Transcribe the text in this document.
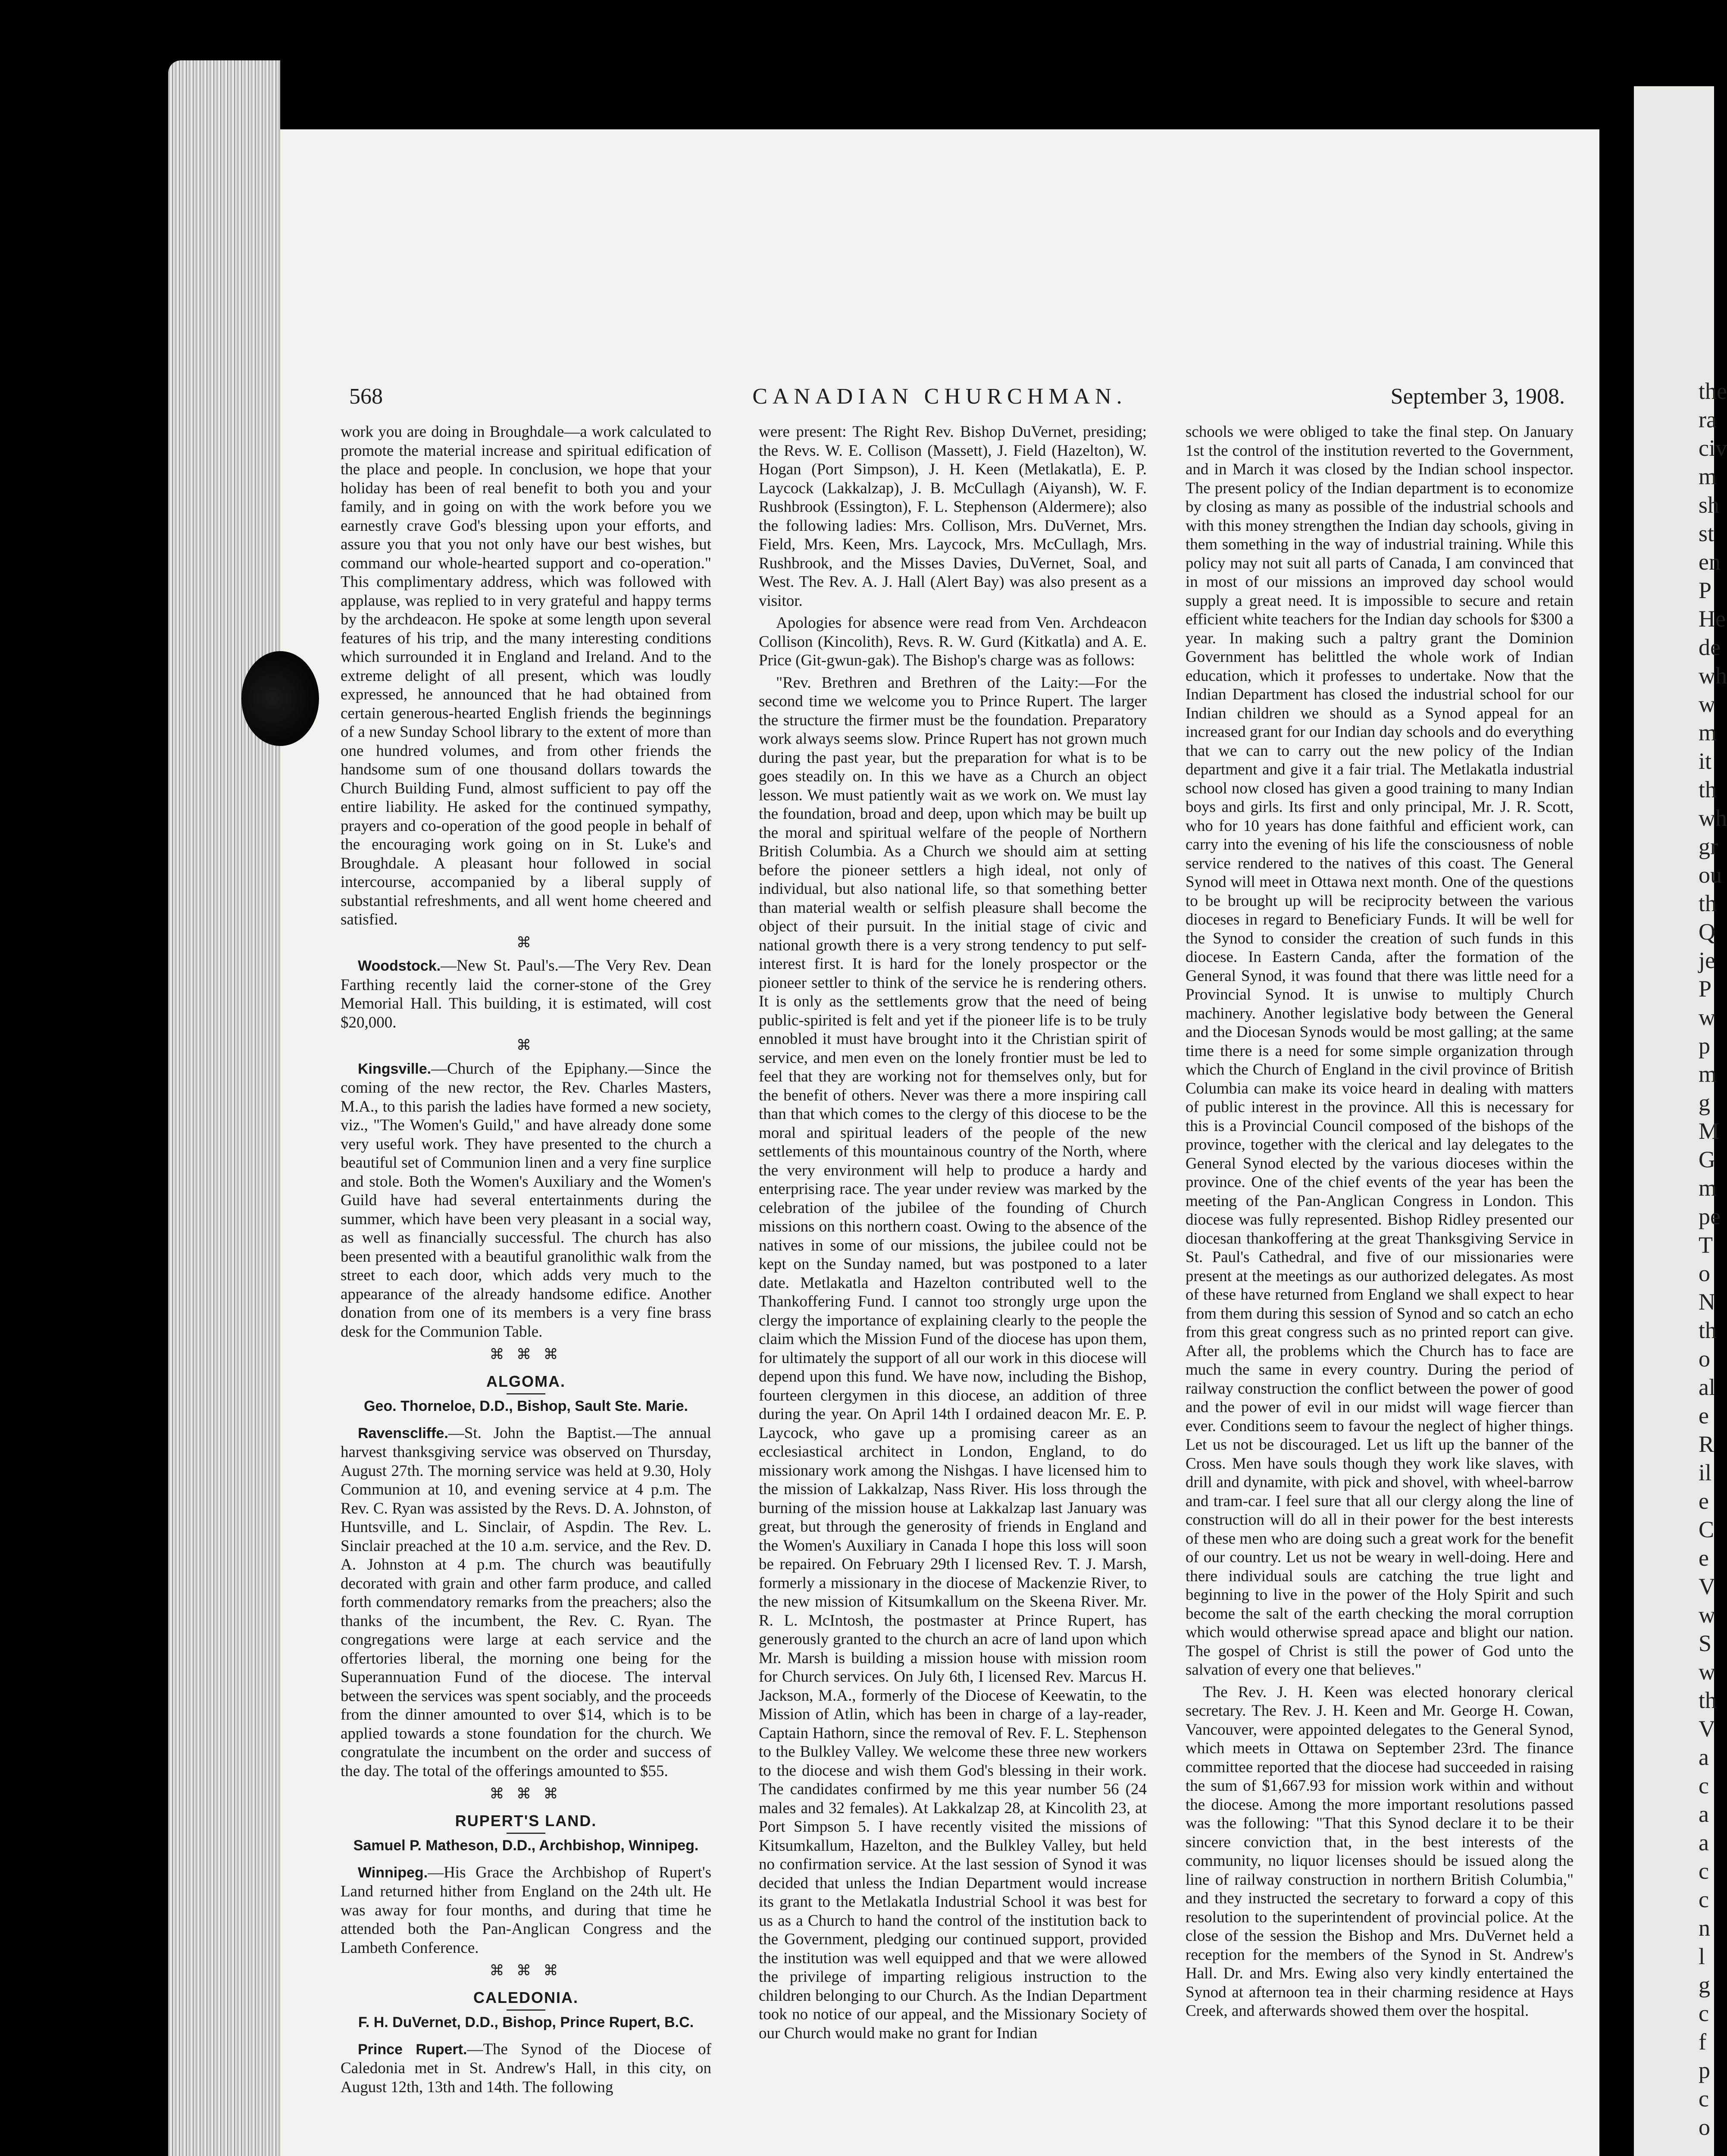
the
ra
civ
m
sh
st
en
P
He
de
wh
w
m
it
th
wh
gr
ou
th
Q
je
P
w
p
m
g
M
G
m
pe
T
o
N
th
o
al
e
R
il
e
C
e
V
w
S
w
th
V
a
c
a
a
c
c
n
l
g
c
f
p
c
o
568	CANADIAN CHURCHMAN.	September 3, 1908.

work you are doing in Broughdale—a work calculated to promote the material increase and spiritual edification of the place and people. In conclusion, we hope that your holiday has been of real benefit to both you and your family, and in going on with the work before you we earnestly crave God's blessing upon your efforts, and assure you that you not only have our best wishes, but command our whole-hearted support and co-operation." This complimentary address, which was followed with applause, was replied to in very grateful and happy terms by the archdeacon. He spoke at some length upon several features of his trip, and the many interesting conditions which surrounded it in England and Ireland. And to the extreme delight of all present, which was loudly expressed, he announced that he had obtained from certain generous-hearted English friends the beginnings of a new Sunday School library to the extent of more than one hundred volumes, and from other friends the handsome sum of one thousand dollars towards the Church Building Fund, almost sufficient to pay off the entire liability. He asked for the continued sympathy, prayers and co-operation of the good people in behalf of the encouraging work going on in St. Luke's and Broughdale. A pleasant hour followed in social intercourse, accompanied by a liberal supply of substantial refreshments, and all went home cheered and satisfied.

⌘

Woodstock.—New St. Paul's.—The Very Rev. Dean Farthing recently laid the corner-stone of the Grey Memorial Hall. This building, it is estimated, will cost $20,000.

⌘

Kingsville.—Church of the Epiphany.—Since the coming of the new rector, the Rev. Charles Masters, M.A., to this parish the ladies have formed a new society, viz., "The Women's Guild," and have already done some very useful work. They have presented to the church a beautiful set of Communion linen and a very fine surplice and stole. Both the Women's Auxiliary and the Women's Guild have had several entertainments during the summer, which have been very pleasant in a social way, as well as financially successful. The church has also been presented with a beautiful granolithic walk from the street to each door, which adds very much to the appearance of the already handsome edifice. Another donation from one of its members is a very fine brass desk for the Communion Table.

⌘ ⌘ ⌘
ALGOMA.
Geo. Thorneloe, D.D., Bishop, Sault Ste. Marie.

Ravenscliffe.—St. John the Baptist.—The annual harvest thanksgiving service was observed on Thursday, August 27th. The morning service was held at 9.30, Holy Communion at 10, and evening service at 4 p.m. The Rev. C. Ryan was assisted by the Revs. D. A. Johnston, of Huntsville, and L. Sinclair, of Aspdin. The Rev. L. Sinclair preached at the 10 a.m. service, and the Rev. D. A. Johnston at 4 p.m. The church was beautifully decorated with grain and other farm produce, and called forth commendatory remarks from the preachers; also the thanks of the incumbent, the Rev. C. Ryan. The congregations were large at each service and the offertories liberal, the morning one being for the Superannuation Fund of the diocese. The interval between the services was spent sociably, and the proceeds from the dinner amounted to over $14, which is to be applied towards a stone foundation for the church. We congratulate the incumbent on the order and success of the day. The total of the offerings amounted to $55.

⌘ ⌘ ⌘
RUPERT'S LAND.
Samuel P. Matheson, D.D., Archbishop, Winnipeg.

Winnipeg.—His Grace the Archbishop of Rupert's Land returned hither from England on the 24th ult. He was away for four months, and during that time he attended both the Pan-Anglican Congress and the Lambeth Conference.

⌘ ⌘ ⌘
CALEDONIA.
F. H. DuVernet, D.D., Bishop, Prince Rupert, B.C.

Prince Rupert.—The Synod of the Diocese of Caledonia met in St. Andrew's Hall, in this city, on August 12th, 13th and 14th. The following

were present: The Right Rev. Bishop DuVernet, presiding; the Revs. W. E. Collison (Massett), J. Field (Hazelton), W. Hogan (Port Simpson), J. H. Keen (Metlakatla), E. P. Laycock (Lakkalzap), J. B. McCullagh (Aiyansh), W. F. Rushbrook (Essington), F. L. Stephenson (Aldermere); also the following ladies: Mrs. Collison, Mrs. DuVernet, Mrs. Field, Mrs. Keen, Mrs. Laycock, Mrs. McCullagh, Mrs. Rushbrook, and the Misses Davies, DuVernet, Soal, and West. The Rev. A. J. Hall (Alert Bay) was also present as a visitor.

Apologies for absence were read from Ven. Archdeacon Collison (Kincolith), Revs. R. W. Gurd (Kitkatla) and A. E. Price (Git-gwun-gak). The Bishop's charge was as follows:

"Rev. Brethren and Brethren of the Laity:—For the second time we welcome you to Prince Rupert. The larger the structure the firmer must be the foundation. Preparatory work always seems slow. Prince Rupert has not grown much during the past year, but the preparation for what is to be goes steadily on. In this we have as a Church an object lesson. We must patiently wait as we work on. We must lay the foundation, broad and deep, upon which may be built up the moral and spiritual welfare of the people of Northern British Columbia. As a Church we should aim at setting before the pioneer settlers a high ideal, not only of individual, but also national life, so that something better than material wealth or selfish pleasure shall become the object of their pursuit. In the initial stage of civic and national growth there is a very strong tendency to put self-interest first. It is hard for the lonely prospector or the pioneer settler to think of the service he is rendering others. It is only as the settlements grow that the need of being public-spirited is felt and yet if the pioneer life is to be truly ennobled it must have brought into it the Christian spirit of service, and men even on the lonely frontier must be led to feel that they are working not for themselves only, but for the benefit of others. Never was there a more inspiring call than that which comes to the clergy of this diocese to be the moral and spiritual leaders of the people of the new settlements of this mountainous country of the North, where the very environment will help to produce a hardy and enterprising race. The year under review was marked by the celebration of the jubilee of the founding of Church missions on this northern coast. Owing to the absence of the natives in some of our missions, the jubilee could not be kept on the Sunday named, but was postponed to a later date. Metlakatla and Hazelton contributed well to the Thankoffering Fund. I cannot too strongly urge upon the clergy the importance of explaining clearly to the people the claim which the Mission Fund of the diocese has upon them, for ultimately the support of all our work in this diocese will depend upon this fund. We have now, including the Bishop, fourteen clergymen in this diocese, an addition of three during the year. On April 14th I ordained deacon Mr. E. P. Laycock, who gave up a promising career as an ecclesiastical architect in London, England, to do missionary work among the Nishgas. I have licensed him to the mission of Lakkalzap, Nass River. His loss through the burning of the mission house at Lakkalzap last January was great, but through the generosity of friends in England and the Women's Auxiliary in Canada I hope this loss will soon be repaired. On February 29th I licensed Rev. T. J. Marsh, formerly a missionary in the diocese of Mackenzie River, to the new mission of Kitsumkallum on the Skeena River. Mr. R. L. McIntosh, the postmaster at Prince Rupert, has generously granted to the church an acre of land upon which Mr. Marsh is building a mission house with mission room for Church services. On July 6th, I licensed Rev. Marcus H. Jackson, M.A., formerly of the Diocese of Keewatin, to the Mission of Atlin, which has been in charge of a lay-reader, Captain Hathorn, since the removal of Rev. F. L. Stephenson to the Bulkley Valley. We welcome these three new workers to the diocese and wish them God's blessing in their work. The candidates confirmed by me this year number 56 (24 males and 32 females). At Lakkalzap 28, at Kincolith 23, at Port Simpson 5. I have recently visited the missions of Kitsumkallum, Hazelton, and the Bulkley Valley, but held no confirmation service. At the last session of Synod it was decided that unless the Indian Department would increase its grant to the Metlakatla Industrial School it was best for us as a Church to hand the control of the institution back to the Government, pledging our continued support, provided the institution was well equipped and that we were allowed the privilege of imparting religious instruction to the children belonging to our Church. As the Indian Department took no notice of our appeal, and the Missionary Society of our Church would make no grant for Indian

schools we were obliged to take the final step. On January 1st the control of the institution reverted to the Government, and in March it was closed by the Indian school inspector. The present policy of the Indian department is to economize by closing as many as possible of the industrial schools and with this money strengthen the Indian day schools, giving in them something in the way of industrial training. While this policy may not suit all parts of Canada, I am convinced that in most of our missions an improved day school would supply a great need. It is impossible to secure and retain efficient white teachers for the Indian day schools for $300 a year. In making such a paltry grant the Dominion Government has belittled the whole work of Indian education, which it professes to undertake. Now that the Indian Department has closed the industrial school for our Indian children we should as a Synod appeal for an increased grant for our Indian day schools and do everything that we can to carry out the new policy of the Indian department and give it a fair trial. The Metlakatla industrial school now closed has given a good training to many Indian boys and girls. Its first and only principal, Mr. J. R. Scott, who for 10 years has done faithful and efficient work, can carry into the evening of his life the consciousness of noble service rendered to the natives of this coast. The General Synod will meet in Ottawa next month. One of the questions to be brought up will be reciprocity between the various dioceses in regard to Beneficiary Funds. It will be well for the Synod to consider the creation of such funds in this diocese. In Eastern Canda, after the formation of the General Synod, it was found that there was little need for a Provincial Synod. It is unwise to multiply Church machinery. Another legislative body between the General and the Diocesan Synods would be most galling; at the same time there is a need for some simple organization through which the Church of England in the civil province of British Columbia can make its voice heard in dealing with matters of public interest in the province. All this is necessary for this is a Provincial Council composed of the bishops of the province, together with the clerical and lay delegates to the General Synod elected by the various dioceses within the province. One of the chief events of the year has been the meeting of the Pan-Anglican Congress in London. This diocese was fully represented. Bishop Ridley presented our diocesan thankoffering at the great Thanksgiving Service in St. Paul's Cathedral, and five of our missionaries were present at the meetings as our authorized delegates. As most of these have returned from England we shall expect to hear from them during this session of Synod and so catch an echo from this great congress such as no printed report can give. After all, the problems which the Church has to face are much the same in every country. During the period of railway construction the conflict between the power of good and the power of evil in our midst will wage fiercer than ever. Conditions seem to favour the neglect of higher things. Let us not be discouraged. Let us lift up the banner of the Cross. Men have souls though they work like slaves, with drill and dynamite, with pick and shovel, with wheel-barrow and tram-car. I feel sure that all our clergy along the line of construction will do all in their power for the best interests of these men who are doing such a great work for the benefit of our country. Let us not be weary in well-doing. Here and there individual souls are catching the true light and beginning to live in the power of the Holy Spirit and such become the salt of the earth checking the moral corruption which would otherwise spread apace and blight our nation. The gospel of Christ is still the power of God unto the salvation of every one that believes."

The Rev. J. H. Keen was elected honorary clerical secretary. The Rev. J. H. Keen and Mr. George H. Cowan, Vancouver, were appointed delegates to the General Synod, which meets in Ottawa on September 23rd. The finance committee reported that the diocese had succeeded in raising the sum of $1,667.93 for mission work within and without the diocese. Among the more important resolutions passed was the following: "That this Synod declare it to be their sincere conviction that, in the best interests of the community, no liquor licenses should be issued along the line of railway construction in northern British Columbia," and they instructed the secretary to forward a copy of this resolution to the superintendent of provincial police. At the close of the session the Bishop and Mrs. DuVernet held a reception for the members of the Synod in St. Andrew's Hall. Dr. and Mrs. Ewing also very kindly entertained the Synod at afternoon tea in their charming residence at Hays Creek, and afterwards showed them over the hospital.
